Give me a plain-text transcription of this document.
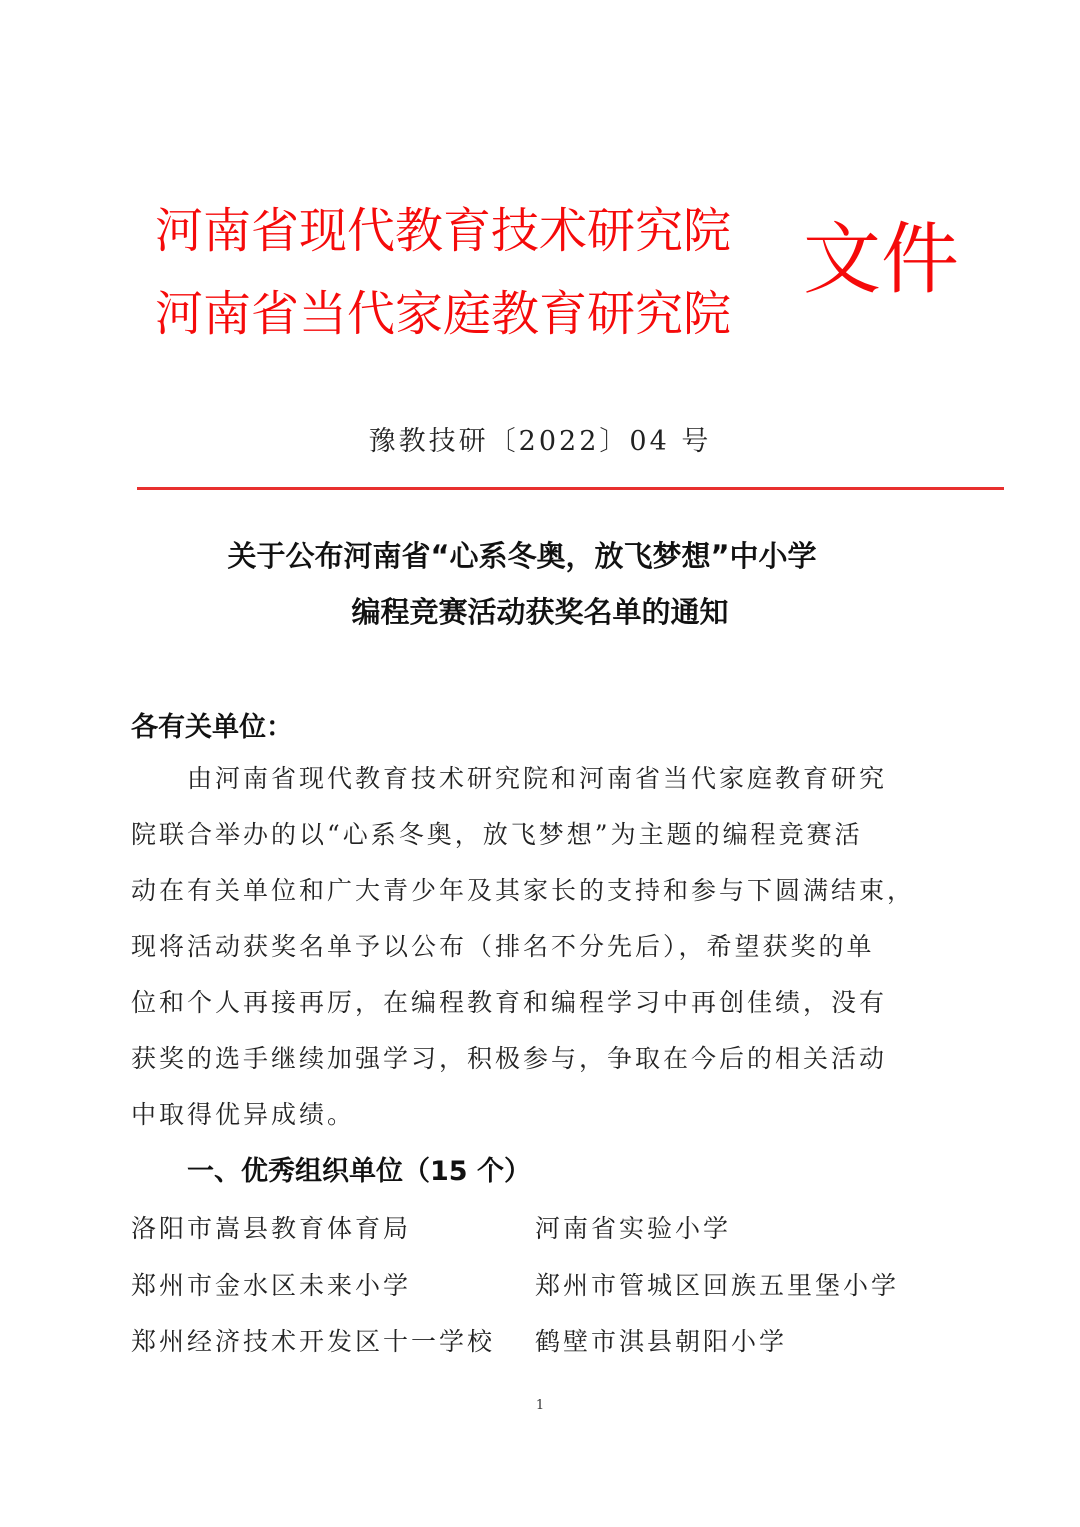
河南省现代教育技术研究院
河南省当代家庭教育研究院
文件
豫教技研〔2022〕04 号
关于公布河南省“心系冬奥，放飞梦想”中小学
编程竞赛活动获奖名单的通知
各有关单位：
　　由河南省现代教育技术研究院和河南省当代家庭教育研究
院联合举办的以“心系冬奥，放飞梦想”为主题的编程竞赛活
动在有关单位和广大青少年及其家长的支持和参与下圆满结束，
现将活动获奖名单予以公布（排名不分先后），希望获奖的单
位和个人再接再厉，在编程教育和编程学习中再创佳绩，没有
获奖的选手继续加强学习，积极参与，争取在今后的相关活动
中取得优异成绩。
一、优秀组织单位（15 个）
洛阳市嵩县教育体育局	河南省实验小学
郑州市金水区未来小学	郑州市管城区回族五里堡小学
郑州经济技术开发区十一学校 鹤壁市淇县朝阳小学
1
